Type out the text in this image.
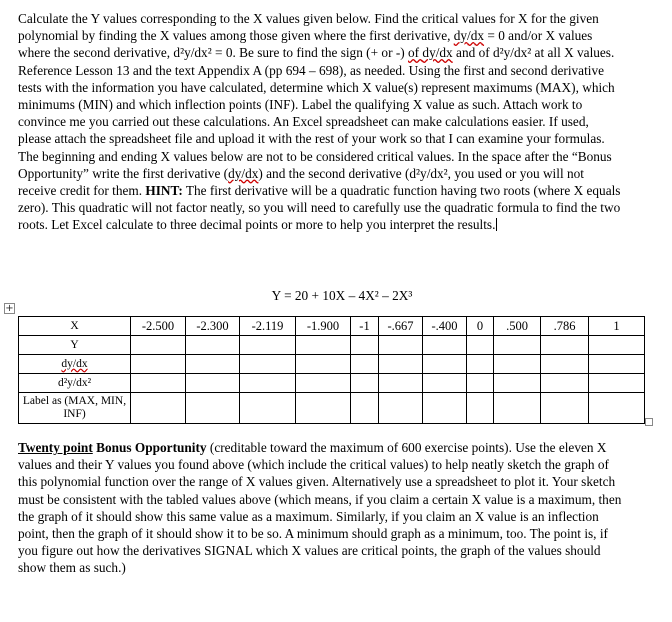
Calculate the Y values corresponding to the X values given below. Find the critical values for X for the given polynomial by finding the X values among those given where the first derivative, dy/dx = 0 and/or X values where the second derivative, d²y/dx² = 0. Be sure to find the sign (+ or -) of dy/dx and of d²y/dx² at all X values. Reference Lesson 13 and the text Appendix A (pp 694 – 698), as needed. Using the first and second derivative tests with the information you have calculated, determine which X value(s) represent maximums (MAX), which minimums (MIN) and which inflection points (INF). Label the qualifying X value as such. Attach work to convince me you carried out these calculations. An Excel spreadsheet can make calculations easier. If used, please attach the spreadsheet file and upload it with the rest of your work so that I can examine your formulas. The beginning and ending X values below are not to be considered critical values. In the space after the “Bonus Opportunity” write the first derivative (dy/dx) and the second derivative (d²y/dx², you used or you will not receive credit for them. HINT: The first derivative will be a quadratic function having two roots (where X equals zero). This quadratic will not factor neatly, so you will need to carefully use the quadratic formula to find the two roots. Let Excel calculate to three decimal points or more to help you interpret the results.

Y = 20 + 10X – 4X² – 2X³
+
X	-2.500	-2.300	-2.119	-1.900	-1	-.667	-.400	0	.500	.786	1
Y											
dy/dx											
d²y/dx²											
Label as (MAX, MIN, INF)											

Twenty point Bonus Opportunity (creditable toward the maximum of 600 exercise points). Use the eleven X values and their Y values you found above (which include the critical values) to help neatly sketch the graph of this polynomial function over the range of X values given. Alternatively use a spreadsheet to plot it. Your sketch must be consistent with the tabled values above (which means, if you claim a certain X value is a maximum, then the graph of it should show this same value as a maximum. Similarly, if you claim an X value is an inflection point, then the graph of it should show it to be so. A minimum should graph as a minimum, too. The point is, if you figure out how the derivatives SIGNAL which X values are critical points, the graph of the values should show them as such.)
